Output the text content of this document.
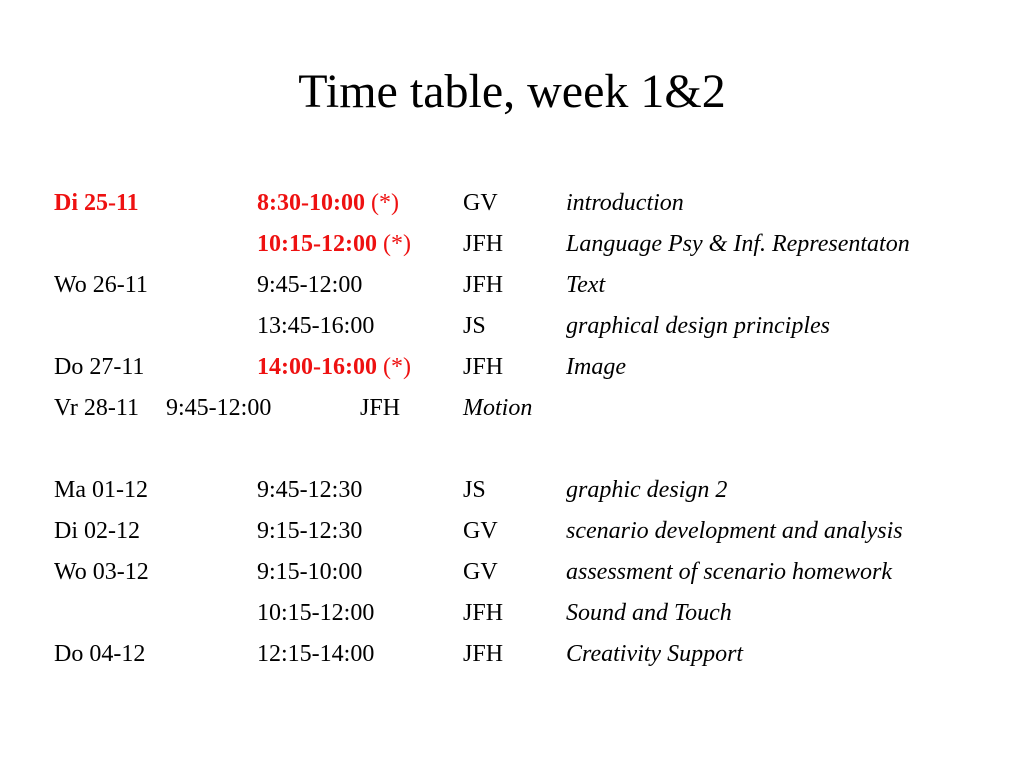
Time table, week 1&2
Di 25-11	8:30-10:00 (*)	GV	introduction
10:15-12:00 (*) JFH	Language Psy & Inf. Representaton
Wo 26-11	9:45-12:00	JFH	Text
13:45-16:00	JS	graphical design principles
Do 27-11	14:00-16:00 (*) JFH	Image
Vr 28-11 9:45-12:00	JFH	Motion
Ma 01-12	9:45-12:30	JS	graphic design 2
Di 02-12	9:15-12:30	GV	scenario development and analysis
Wo 03-12	9:15-10:00	GV	assessment of scenario homework
10:15-12:00	JFH	Sound and Touch
Do 04-12	12:15-14:00	JFH	Creativity Support
